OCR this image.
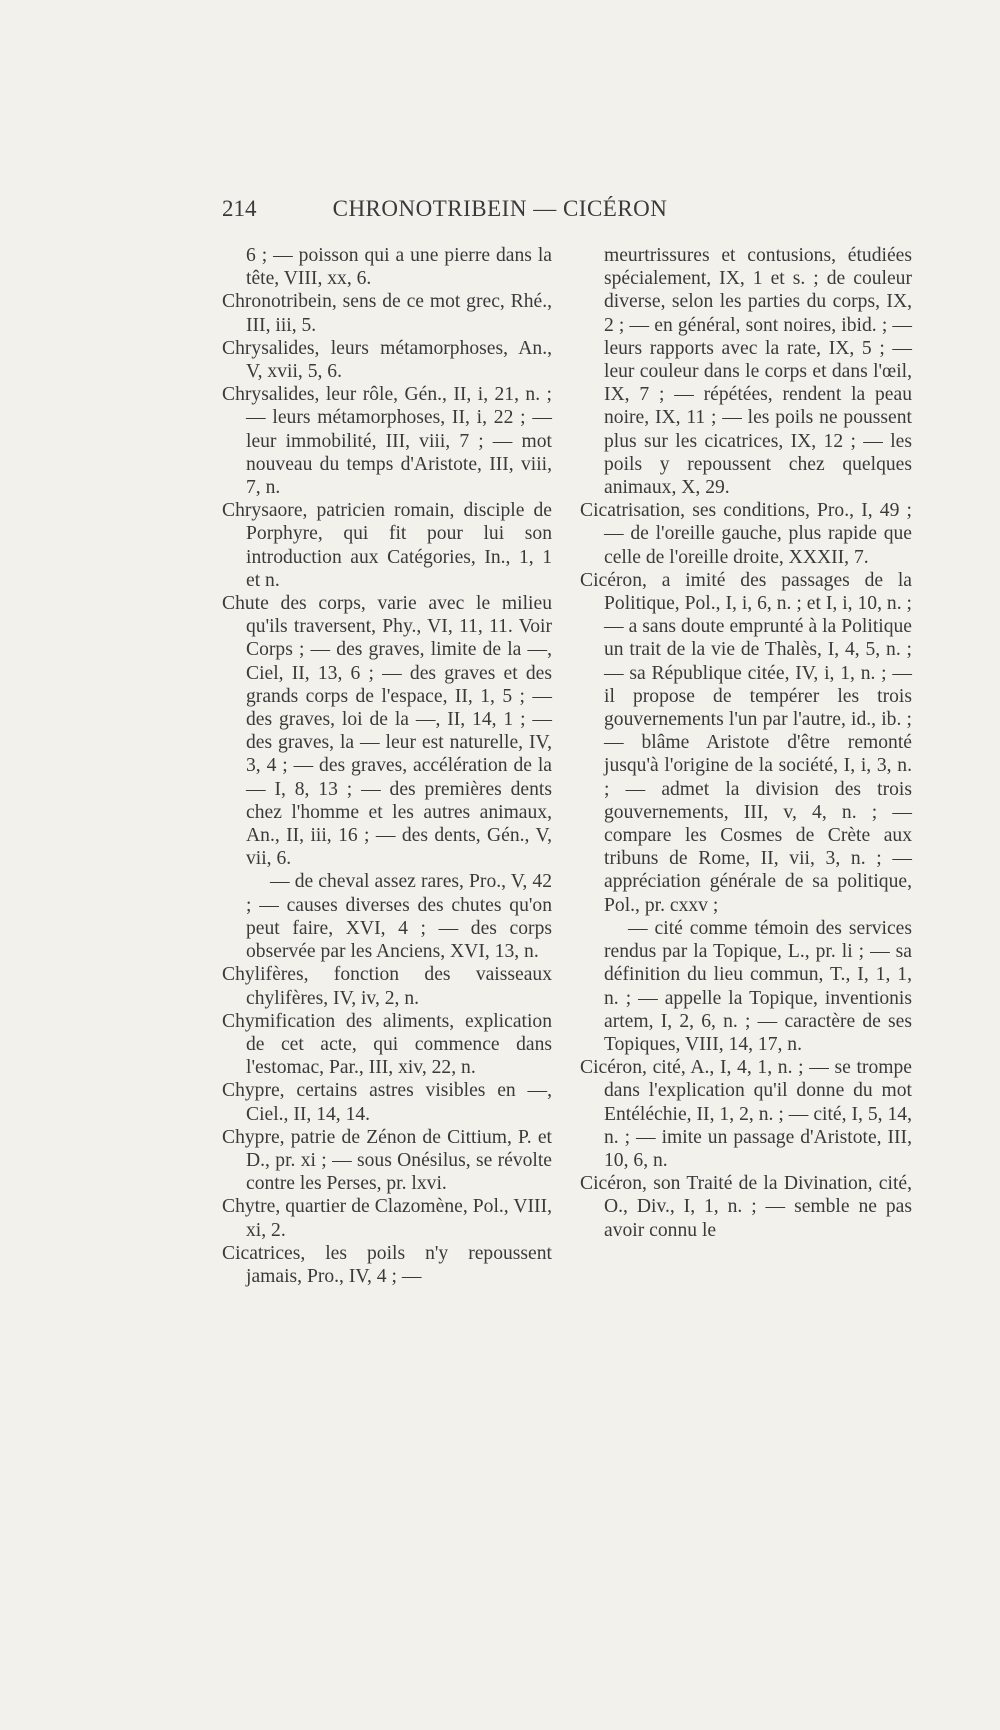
214	CHRONOTRIBEIN — CICÉRON

6 ; — poisson qui a une pierre dans la tête, VIII, xx, 6.

Chronotribein, sens de ce mot grec, Rhé., III, iii, 5.

Chrysalides, leurs métamorphoses, An., V, xvii, 5, 6.

Chrysalides, leur rôle, Gén., II, i, 21, n. ; — leurs métamorphoses, II, i, 22 ; — leur immobilité, III, viii, 7 ; — mot nouveau du temps d'Aristote, III, viii, 7, n.

Chrysaore, patricien romain, disciple de Porphyre, qui fit pour lui son introduction aux Catégories, In., 1, 1 et n.

Chute des corps, varie avec le milieu qu'ils traversent, Phy., VI, 11, 11. Voir Corps ; — des graves, limite de la —, Ciel, II, 13, 6 ; — des graves et des grands corps de l'espace, II, 1, 5 ; — des graves, loi de la —, II, 14, 1 ; — des graves, la — leur est naturelle, IV, 3, 4 ; — des graves, accélération de la — I, 8, 13 ; — des premières dents chez l'homme et les autres animaux, An., II, iii, 16 ; — des dents, Gén., V, vii, 6.

— de cheval assez rares, Pro., V, 42 ; — causes diverses des chutes qu'on peut faire, XVI, 4 ; — des corps observée par les Anciens, XVI, 13, n.

Chylifères, fonction des vaisseaux chylifères, IV, iv, 2, n.

Chymification des aliments, explication de cet acte, qui commence dans l'estomac, Par., III, xiv, 22, n.

Chypre, certains astres visibles en —, Ciel., II, 14, 14.

Chypre, patrie de Zénon de Cittium, P. et D., pr. xi ; — sous Onésilus, se révolte contre les Perses, pr. lxvi.

Chytre, quartier de Clazomène, Pol., VIII, xi, 2.

Cicatrices, les poils n'y repoussent jamais, Pro., IV, 4 ; —

meurtrissures et contusions, étudiées spécialement, IX, 1 et s. ; de couleur diverse, selon les parties du corps, IX, 2 ; — en général, sont noires, ibid. ; — leurs rapports avec la rate, IX, 5 ; — leur couleur dans le corps et dans l'œil, IX, 7 ; — répétées, rendent la peau noire, IX, 11 ; — les poils ne poussent plus sur les cicatrices, IX, 12 ; — les poils y repoussent chez quelques animaux, X, 29.

Cicatrisation, ses conditions, Pro., I, 49 ; — de l'oreille gauche, plus rapide que celle de l'oreille droite, XXXII, 7.

Cicéron, a imité des passages de la Politique, Pol., I, i, 6, n. ; et I, i, 10, n. ; — a sans doute emprunté à la Politique un trait de la vie de Thalès, I, 4, 5, n. ; — sa République citée, IV, i, 1, n. ; — il propose de tempérer les trois gouvernements l'un par l'autre, id., ib. ; — blâme Aristote d'être remonté jusqu'à l'origine de la société, I, i, 3, n. ; — admet la division des trois gouvernements, III, v, 4, n. ; — compare les Cosmes de Crète aux tribuns de Rome, II, vii, 3, n. ; — appréciation générale de sa politique, Pol., pr. cxxv ;

— cité comme témoin des services rendus par la Topique, L., pr. li ; — sa définition du lieu commun, T., I, 1, 1, n. ; — appelle la Topique, inventionis artem, I, 2, 6, n. ; — caractère de ses Topiques, VIII, 14, 17, n.

Cicéron, cité, A., I, 4, 1, n. ; — se trompe dans l'explication qu'il donne du mot Entéléchie, II, 1, 2, n. ; — cité, I, 5, 14, n. ; — imite un passage d'Aristote, III, 10, 6, n.

Cicéron, son Traité de la Divination, cité, O., Div., I, 1, n. ; — semble ne pas avoir connu le
